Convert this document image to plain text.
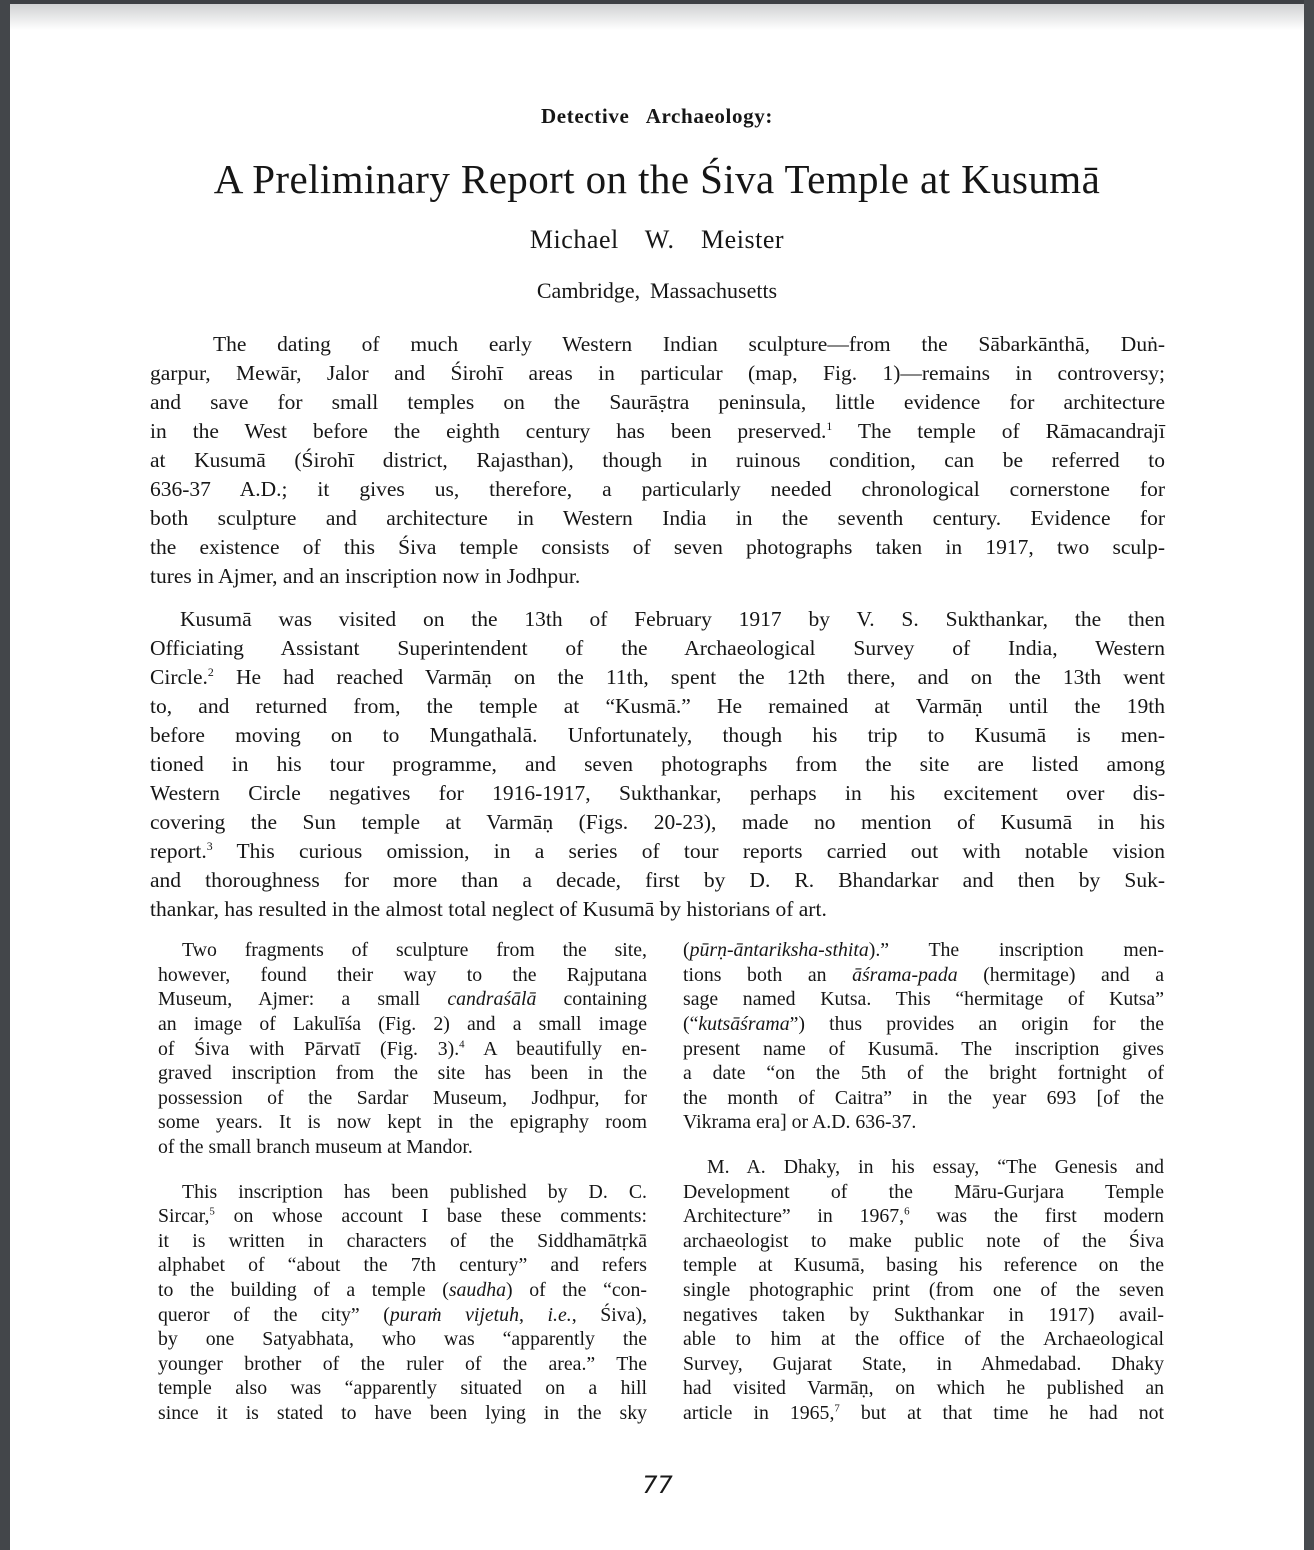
Detective Archaeology:
A Preliminary Report on the Śiva Temple at Kusumā
Michael W. Meister
Cambridge, Massachusetts
The dating of much early Western Indian sculpture—from the Sābarkānthā, Duṅ-
garpur, Mewār, Jalor and Śirohī areas in particular (map, Fig. 1)—remains in controversy;
and save for small temples on the Saurāṣtra peninsula, little evidence for architecture
in the West before the eighth century has been preserved.$^1$ The temple of Rāmacandrajī
at Kusumā (Śirohī district, Rajasthan), though in ruinous condition, can be referred to
636-37 A.D.; it gives us, therefore, a particularly needed chronological cornerstone for
both sculpture and architecture in Western India in the seventh century. Evidence for
the existence of this Śiva temple consists of seven photographs taken in 1917, two sculp-
tures in Ajmer, and an inscription now in Jodhpur.
Kusumā was visited on the 13th of February 1917 by V. S. Sukthankar, the then
Officiating Assistant Superintendent of the Archaeological Survey of India, Western
Circle.$^2$ He had reached Varmāṇ on the 11th, spent the 12th there, and on the 13th went
to, and returned from, the temple at “Kusmā.” He remained at Varmāṇ until the 19th
before moving on to Mungathalā. Unfortunately, though his trip to Kusumā is men-
tioned in his tour programme, and seven photographs from the site are listed among
Western Circle negatives for 1916-1917, Sukthankar, perhaps in his excitement over dis-
covering the Sun temple at Varmāṇ (Figs. 20-23), made no mention of Kusumā in his
report.$^3$ This curious omission, in a series of tour reports carried out with notable vision
and thoroughness for more than a decade, first by D. R. Bhandarkar and then by Suk-
thankar, has resulted in the almost total neglect of Kusumā by historians of art.
Two fragments of sculpture from the site,
however, found their way to the Rajputana
Museum, Ajmer: a small candraśālā containing
an image of Lakulīśa (Fig. 2) and a small image
of Śiva with Pārvatī (Fig. 3).$^4$ A beautifully en-
graved inscription from the site has been in the
possession of the Sardar Museum, Jodhpur, for
some years. It is now kept in the epigraphy room
of the small branch museum at Mandor.
This inscription has been published by D. C.
Sircar,$^5$ on whose account I base these comments:
it is written in characters of the Siddhamātṛkā
alphabet of “about the 7th century” and refers
to the building of a temple (saudha) of the “con-
queror of the city” (puraṁ vijetuh, i.e., Śiva),
by one Satyabhata, who was “apparently the
younger brother of the ruler of the area.” The
temple also was “apparently situated on a hill
since it is stated to have been lying in the sky
(pūrṇ-āntariksha-sthita).” The inscription men-
tions both an āśrama-pada (hermitage) and a
sage named Kutsa. This “hermitage of Kutsa”
(“kutsāśrama”) thus provides an origin for the
present name of Kusumā. The inscription gives
a date “on the 5th of the bright fortnight of
the month of Caitra” in the year 693 [of the
Vikrama era] or A.D. 636-37.
M. A. Dhaky, in his essay, “The Genesis and
Development of the Māru-Gurjara Temple
Architecture” in 1967,$^6$ was the first modern
archaeologist to make public note of the Śiva
temple at Kusumā, basing his reference on the
single photographic print (from one of the seven
negatives taken by Sukthankar in 1917) avail-
able to him at the office of the Archaeological
Survey, Gujarat State, in Ahmedabad. Dhaky
had visited Varmāṇ, on which he published an
article in 1965,$^7$ but at that time he had not
77
